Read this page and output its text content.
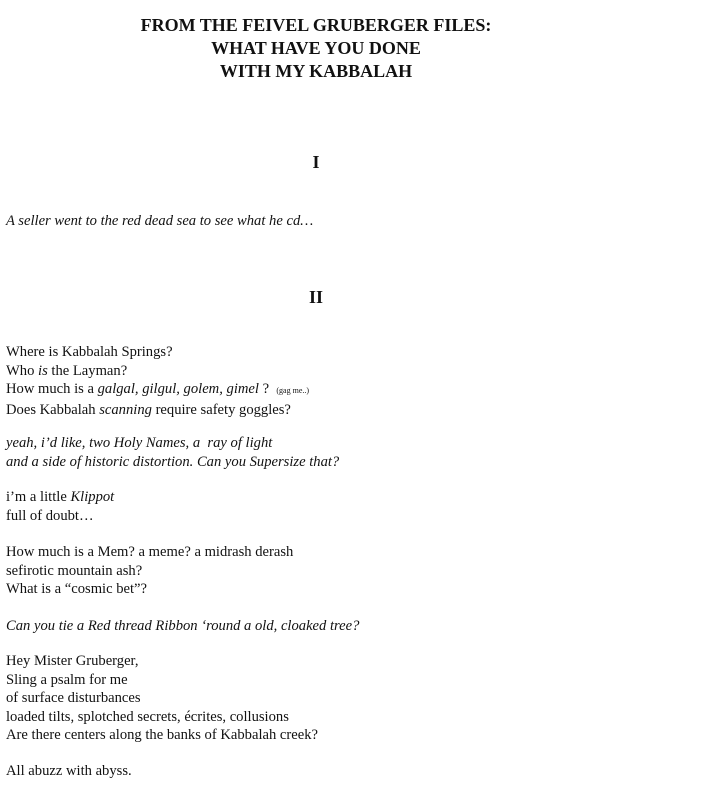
FROM THE FEIVEL GRUBERGER FILES:
WHAT HAVE YOU DONE
WITH MY KABBALAH
I
A seller went to the red dead sea to see what he cd…
II
Where is Kabbalah Springs?
Who is the Layman?
How much is a galgal, gilgul, golem, gimel ?  (gag me..)
Does Kabbalah scanning require safety goggles?
yeah, i’d like, two Holy Names, a  ray of light
and a side of historic distortion. Can you Supersize that?
i’m a little Klippot
full of doubt…
How much is a Mem? a meme? a midrash derash
sefirotic mountain ash?
What is a “cosmic bet”?
Can you tie a Red thread Ribbon ‘round a old, cloaked tree?
Hey Mister Gruberger,
Sling a psalm for me
of surface disturbances
loaded tilts, splotched secrets, écrites, collusions
Are there centers along the banks of Kabbalah creek?
All abuzz with abyss.
